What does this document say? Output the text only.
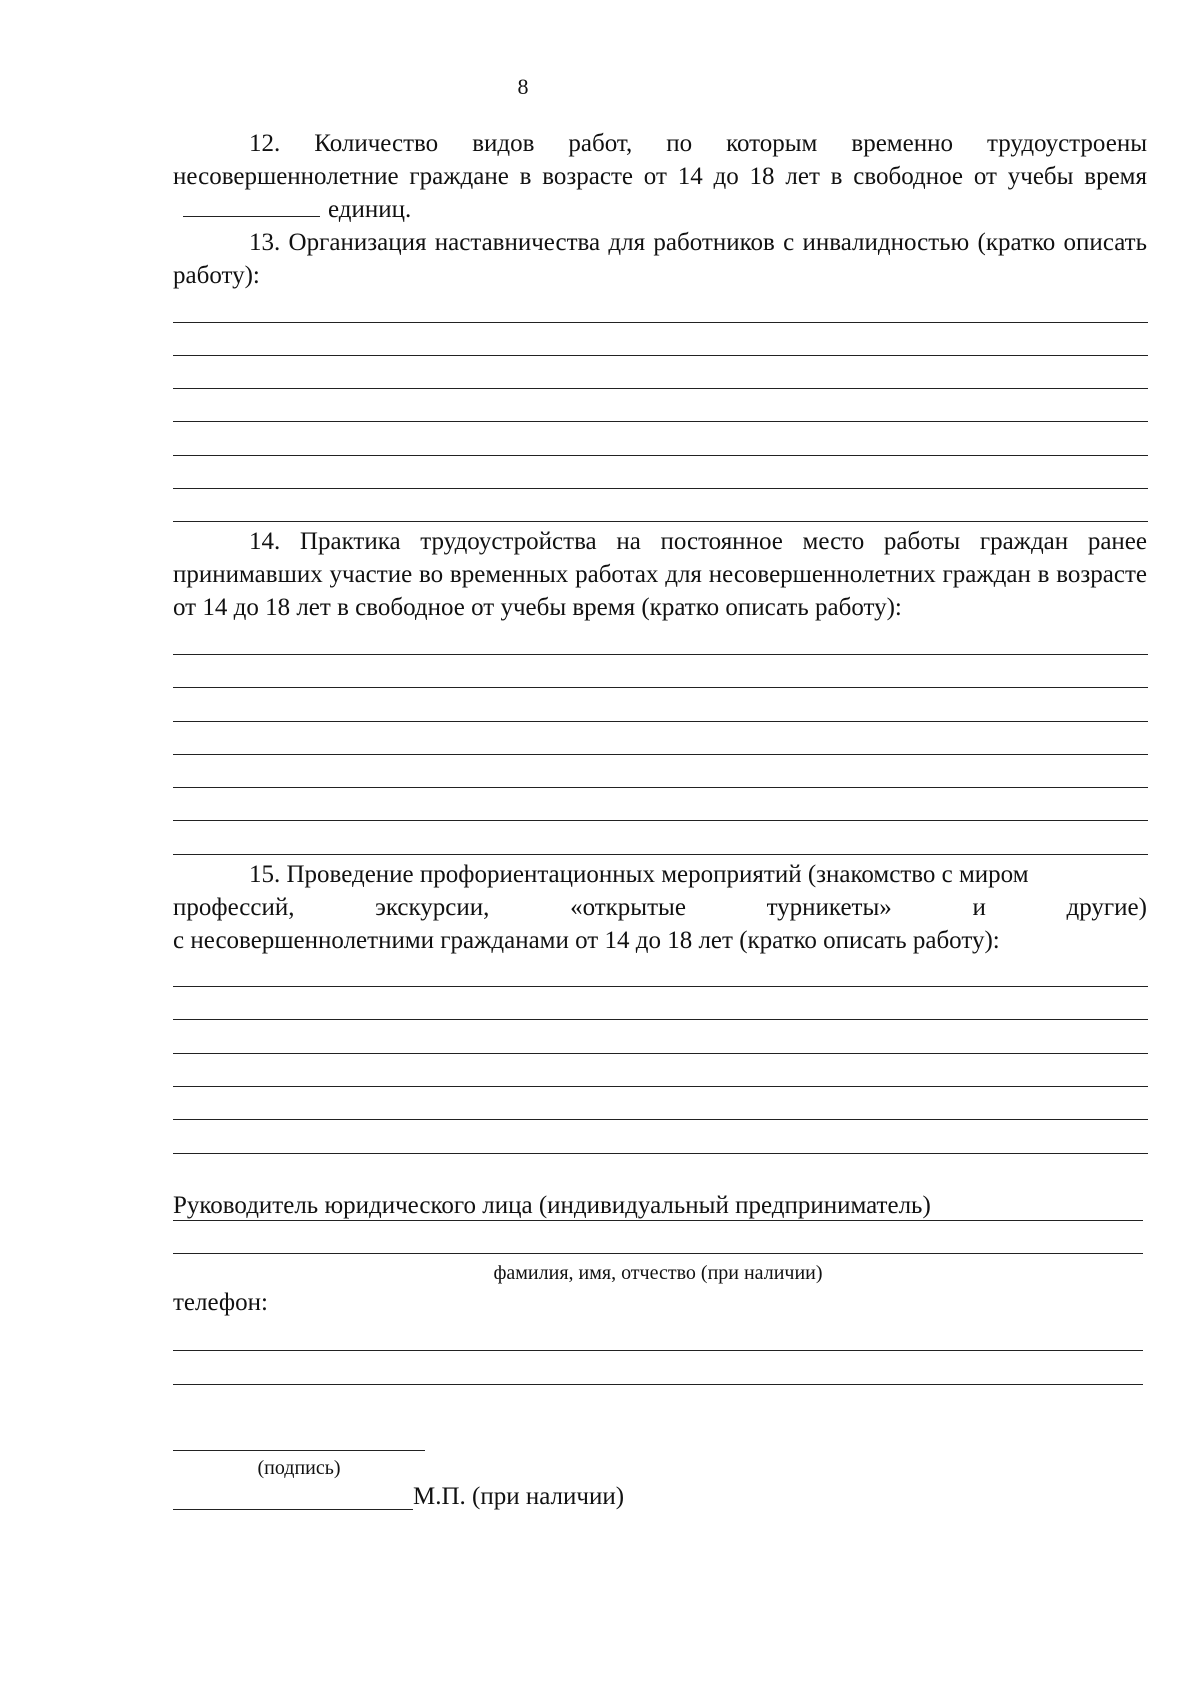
8

12. Количество видов работ, по которым временно трудоустроены несовершеннолетние граждане в возрасте от 14 до 18 лет в свободное от учебы времяединиц.

13. Организация наставничества для работников с инвалидностью (кратко описать работу):

14. Практика трудоустройства на постоянное место работы граждан ранее принимавших участие во временных работах для несовершеннолетних граждан в возрасте от 14 до 18 лет в свободное от учебы время (кратко описать работу):

15. Проведение профориентационных мероприятий (знакомство с миром
профессий,	экскурсии,	«открытые	турникеты»	и	другие)
с несовершеннолетними гражданами от 14 до 18 лет (кратко описать работу):
Руководитель юридического лица (индивидуальный предприниматель)
фамилия, имя, отчество (при наличии)
телефон:
(подпись)
М.П. (при наличии)
